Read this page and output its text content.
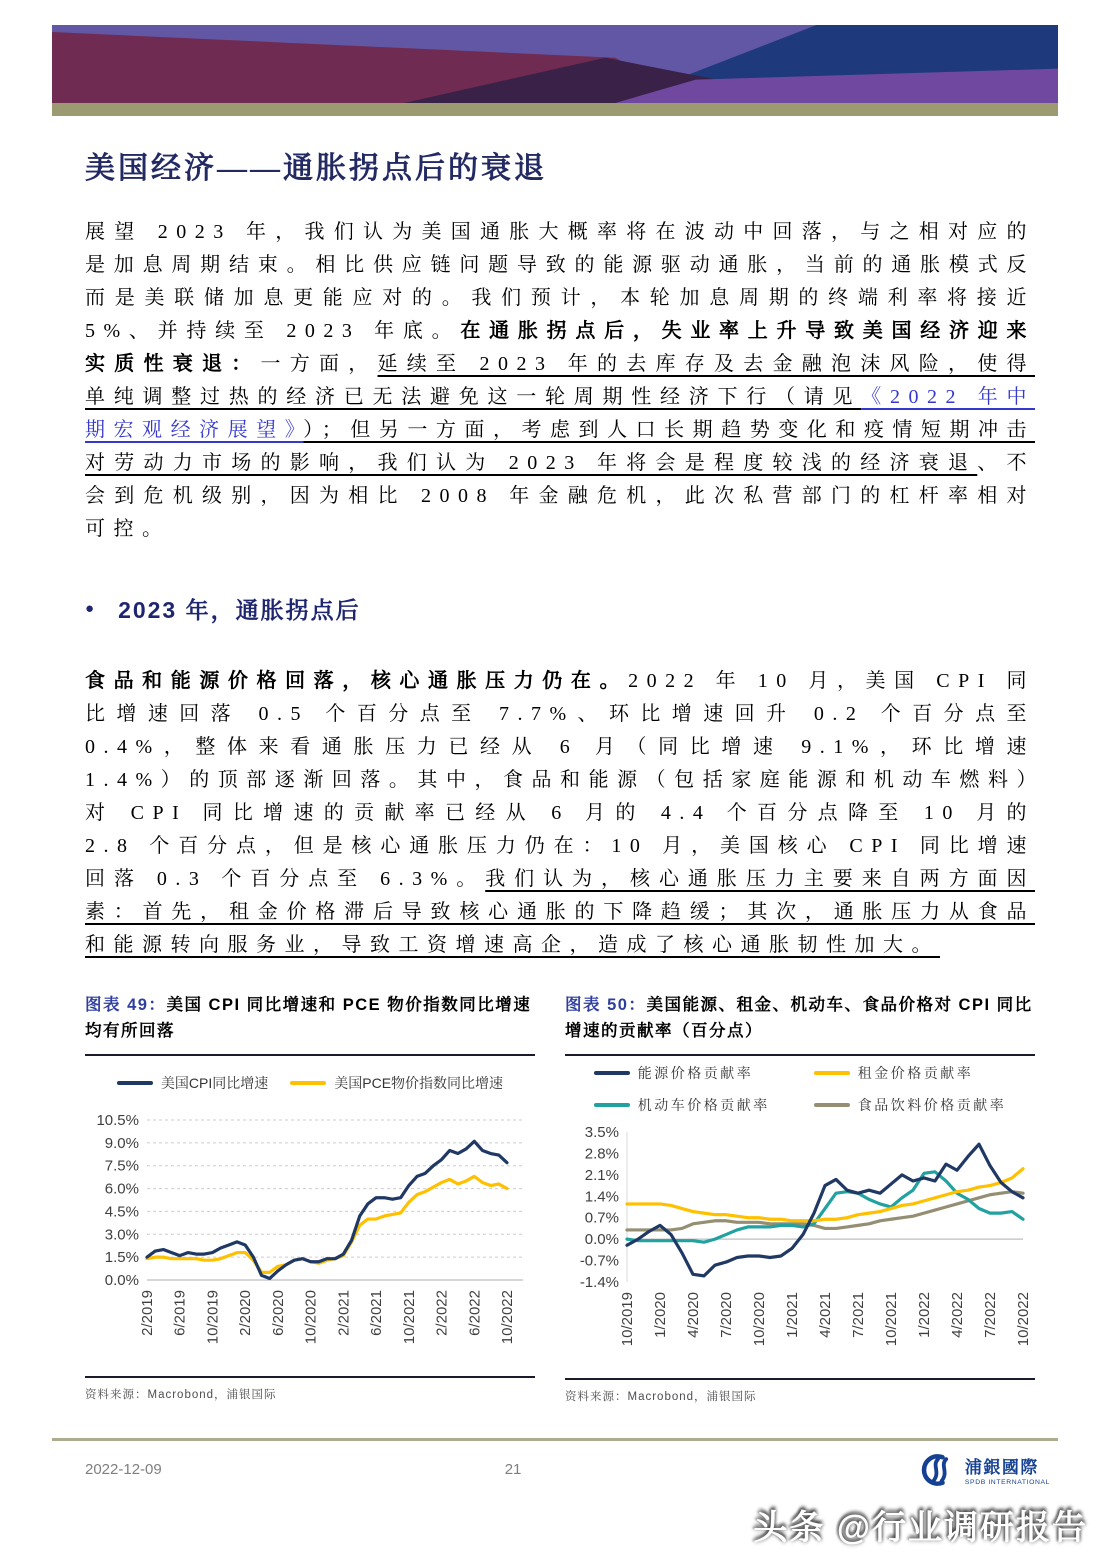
美国经济——通胀拐点后的衰退

展望 2023 年，我们认为美国通胀大概率将在波动中回落，与之相对应的是加息周期结束。相比供应链问题导致的能源驱动通胀，当前的通胀模式反而是美联储加息更能应对的。我们预计，本轮加息周期的终端利率将接近 5%、并持续至 2023 年底。在通胀拐点后，失业率上升导致美国经济迎来实质性衰退：一方面，延续至 2023 年的去库存及去金融泡沫风险，使得单纯调整过热的经济已无法避免这一轮周期性经济下行（请见《2022 年中期宏观经济展望》）；但另一方面，考虑到人口长期趋势变化和疫情短期冲击对劳动力市场的影响，我们认为 2023 年将会是程度较浅的经济衰退、不会到危机级别，因为相比 2008 年金融危机，此次私营部门的杠杆率相对可控。

● 2023 年，通胀拐点后

食品和能源价格回落，核心通胀压力仍在。2022 年 10 月，美国 CPI 同比增速回落 0.5 个百分点至 7.7%、环比增速回升 0.2 个百分点至 0.4%，整体来看通胀压力已经从 6 月（同比增速 9.1%，环比增速 1.4%）的顶部逐渐回落。其中，食品和能源（包括家庭能源和机动车燃料）对 CPI 同比增速的贡献率已经从 6 月的 4.4 个百分点降至 10 月的 2.8 个百分点，但是核心通胀压力仍在：10 月，美国核心 CPI 同比增速回落 0.3 个百分点至 6.3%。我们认为，核心通胀压力主要来自两方面因素：首先，租金价格滞后导致核心通胀的下降趋缓；其次，通胀压力从食品和能源转向服务业，导致工资增速高企，造成了核心通胀韧性加大。

图表 49：美国 CPI 同比增速和 PCE 物价指数同比增速均有所回落
美国CPI同比增速	美国PCE物价指数同比增速
10.5%
9.0%
7.5%
6.0%
4.5%
3.0%
1.5%
0.0%
2/2019 6/2019 10/2019 2/2020 6/2020 10/2020 2/2021 6/2021 10/2021 2/2022 6/2022 10/2022
资料来源：Macrobond，浦银国际
图表 50：美国能源、租金、机动车、食品价格对 CPI 同比增速的贡献率（百分点）
能源价格贡献率	租金价格贡献率
机动车价格贡献率	食品饮料价格贡献率
3.5%
2.8%
2.1%
1.4%
0.7%
0.0%
-0.7%
-1.4%
10/2019 1/2020 4/2020 7/2020 10/2020 1/2021 4/2021 7/2021 10/2021 1/2022 4/2022 7/2022 10/2022
资料来源：Macrobond，浦银国际
2022-12-09	21	浦銀國際
SPDB INTERNATIONAL
头条 @行业调研报告
